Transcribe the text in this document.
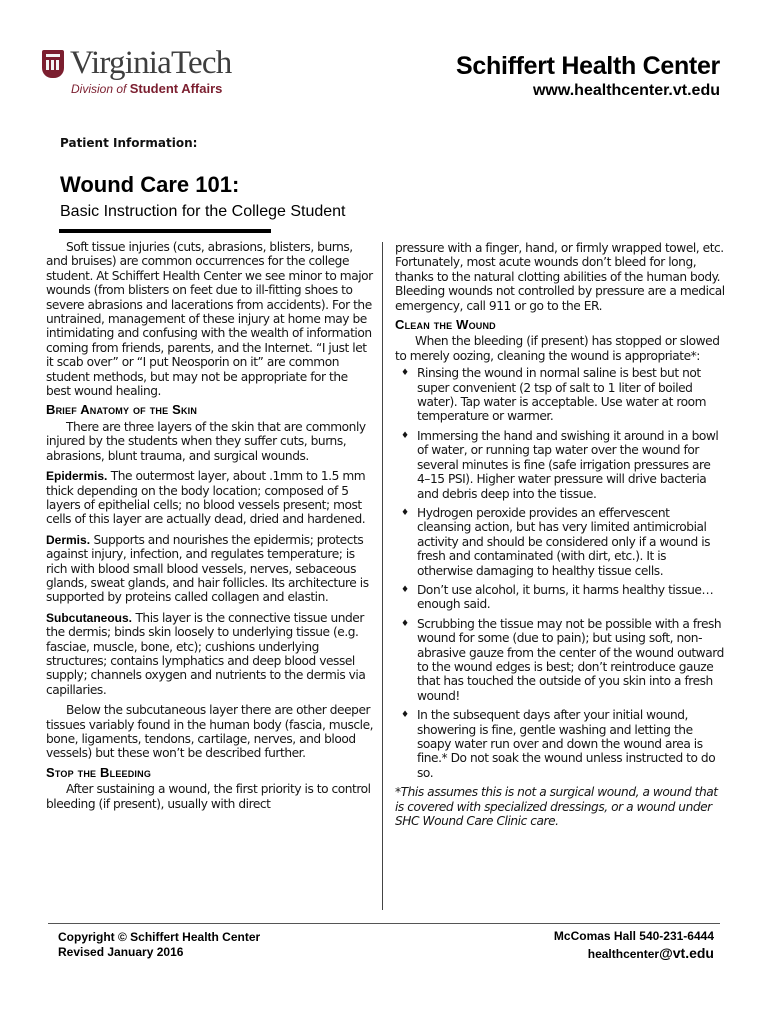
VirginiaTech
Division of Student Affairs
Schiffert Health Center
www.healthcenter.vt.edu
Patient Information:
Wound Care 101:
Basic Instruction for the College Student

Soft tissue injuries (cuts, abrasions, blisters, burns, and bruises) are common occurrences for the college student. At Schiffert Health Center we see minor to major wounds (from blisters on feet due to ill-fitting shoes to severe abrasions and lacerations from accidents). For the untrained, management of these injury at home may be intimidating and confusing with the wealth of information coming from friends, parents, and the Internet. “I just let it scab over” or “I put Neosporin on it” are common student methods, but may not be appropriate for the best wound healing.

Brief Anatomy of the Skin

There are three layers of the skin that are commonly injured by the students when they suffer cuts, burns, abrasions, blunt trauma, and surgical wounds.

Epidermis. The outermost layer, about .1mm to 1.5 mm thick depending on the body location; composed of 5 layers of epithelial cells; no blood vessels present; most cells of this layer are actually dead, dried and hardened.

Dermis. Supports and nourishes the epidermis; protects against injury, infection, and regulates temperature; is rich with blood small blood vessels, nerves, sebaceous glands, sweat glands, and hair follicles. Its architecture is supported by proteins called collagen and elastin.

Subcutaneous. This layer is the connective tissue under the dermis; binds skin loosely to underlying tissue (e.g. fasciae, muscle, bone, etc); cushions underlying structures; contains lymphatics and deep blood vessel supply; channels oxygen and nutrients to the dermis via capillaries.

Below the subcutaneous layer there are other deeper tissues variably found in the human body (fascia, muscle, bone, ligaments, tendons, cartilage, nerves, and blood vessels) but these won’t be described further.

Stop the Bleeding

After sustaining a wound, the first priority is to control bleeding (if present), usually with direct

pressure with a finger, hand, or firmly wrapped towel, etc. Fortunately, most acute wounds don’t bleed for long, thanks to the natural clotting abilities of the human body. Bleeding wounds not controlled by pressure are a medical emergency, call 911 or go to the ER.

Clean the Wound

When the bleeding (if present) has stopped or slowed to merely oozing, cleaning the wound is appropriate*:

♦ Rinsing the wound in normal saline is best but not super convenient (2 tsp of salt to 1 liter of boiled water). Tap water is acceptable. Use water at room temperature or warmer.
♦ Immersing the hand and swishing it around in a bowl of water, or running tap water over the wound for several minutes is fine (safe irrigation pressures are 4–15 PSI). Higher water pressure will drive bacteria and debris deep into the tissue.
♦ Hydrogen peroxide provides an effervescent cleansing action, but has very limited antimicrobial activity and should be considered only if a wound is fresh and contaminated (with dirt, etc.). It is otherwise damaging to healthy tissue cells.
♦ Don’t use alcohol, it burns, it harms healthy tissue…enough said.
♦ Scrubbing the tissue may not be possible with a fresh wound for some (due to pain); but using soft, non-abrasive gauze from the center of the wound outward to the wound edges is best; don’t reintroduce gauze that has touched the outside of you skin into a fresh wound!
♦ In the subsequent days after your initial wound, showering is fine, gentle washing and letting the soapy water run over and down the wound area is fine.* Do not soak the wound unless instructed to do so.

*This assumes this is not a surgical wound, a wound that is covered with specialized dressings, or a wound under SHC Wound Care Clinic care.

Copyright © Schiffert Health Center
Revised January 2016
McComas Hall 540-231-6444
healthcenter@vt.edu
